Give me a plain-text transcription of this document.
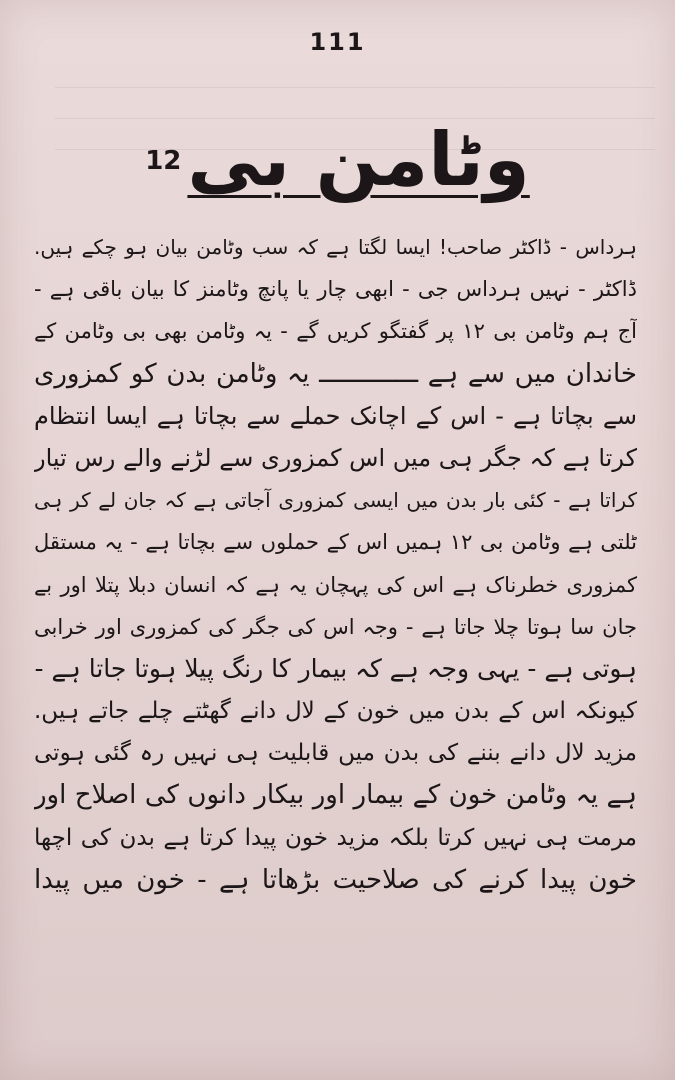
111
وٹامن بی
12
ہرداس - ڈاکٹر صاحب! ایسا لگتا ہے کہ سب وٹامن بیان ہو چکے ہیں.
ڈاکٹر - نہیں ہرداس جی - ابھی چار یا پانچ وٹامنز کا بیان باقی ہے -
آج ہم وٹامن بی ۱۲ پر گفتگو کریں گے - یہ وٹامن بھی بی وٹامن کے
خاندان میں سے ہے ـــــــــــــ یہ وٹامن بدن کو کمزوری
سے بچاتا ہے - اس کے اچانک حملے سے بچاتا ہے ایسا انتظام
کرتا ہے کہ جگر ہی میں اس کمزوری سے لڑنے والے رس تیار
کراتا ہے - کئی بار بدن میں ایسی کمزوری آجاتی ہے کہ جان لے کر ہی
ٹلتی ہے وٹامن بی ۱۲ ہمیں اس کے حملوں سے بچاتا ہے - یہ مستقل
کمزوری خطرناک ہے اس کی پہچان یہ ہے کہ انسان دبلا پتلا اور بے
جان سا ہوتا چلا جاتا ہے - وجہ اس کی جگر کی کمزوری اور خرابی
ہوتی ہے - یہی وجہ ہے کہ بیمار کا رنگ پیلا ہوتا جاتا ہے -
کیونکہ اس کے بدن میں خون کے لال دانے گھٹتے چلے جاتے ہیں.
مزید لال دانے بننے کی بدن میں قابلیت ہی نہیں رہ گئی ہوتی
ہے یہ وٹامن خون کے بیمار اور بیکار دانوں کی اصلاح اور
مرمت ہی نہیں کرتا بلکہ مزید خون پیدا کرتا ہے بدن کی اچھا
خون پیدا کرنے کی صلاحیت بڑھاتا ہے - خون میں پیدا
